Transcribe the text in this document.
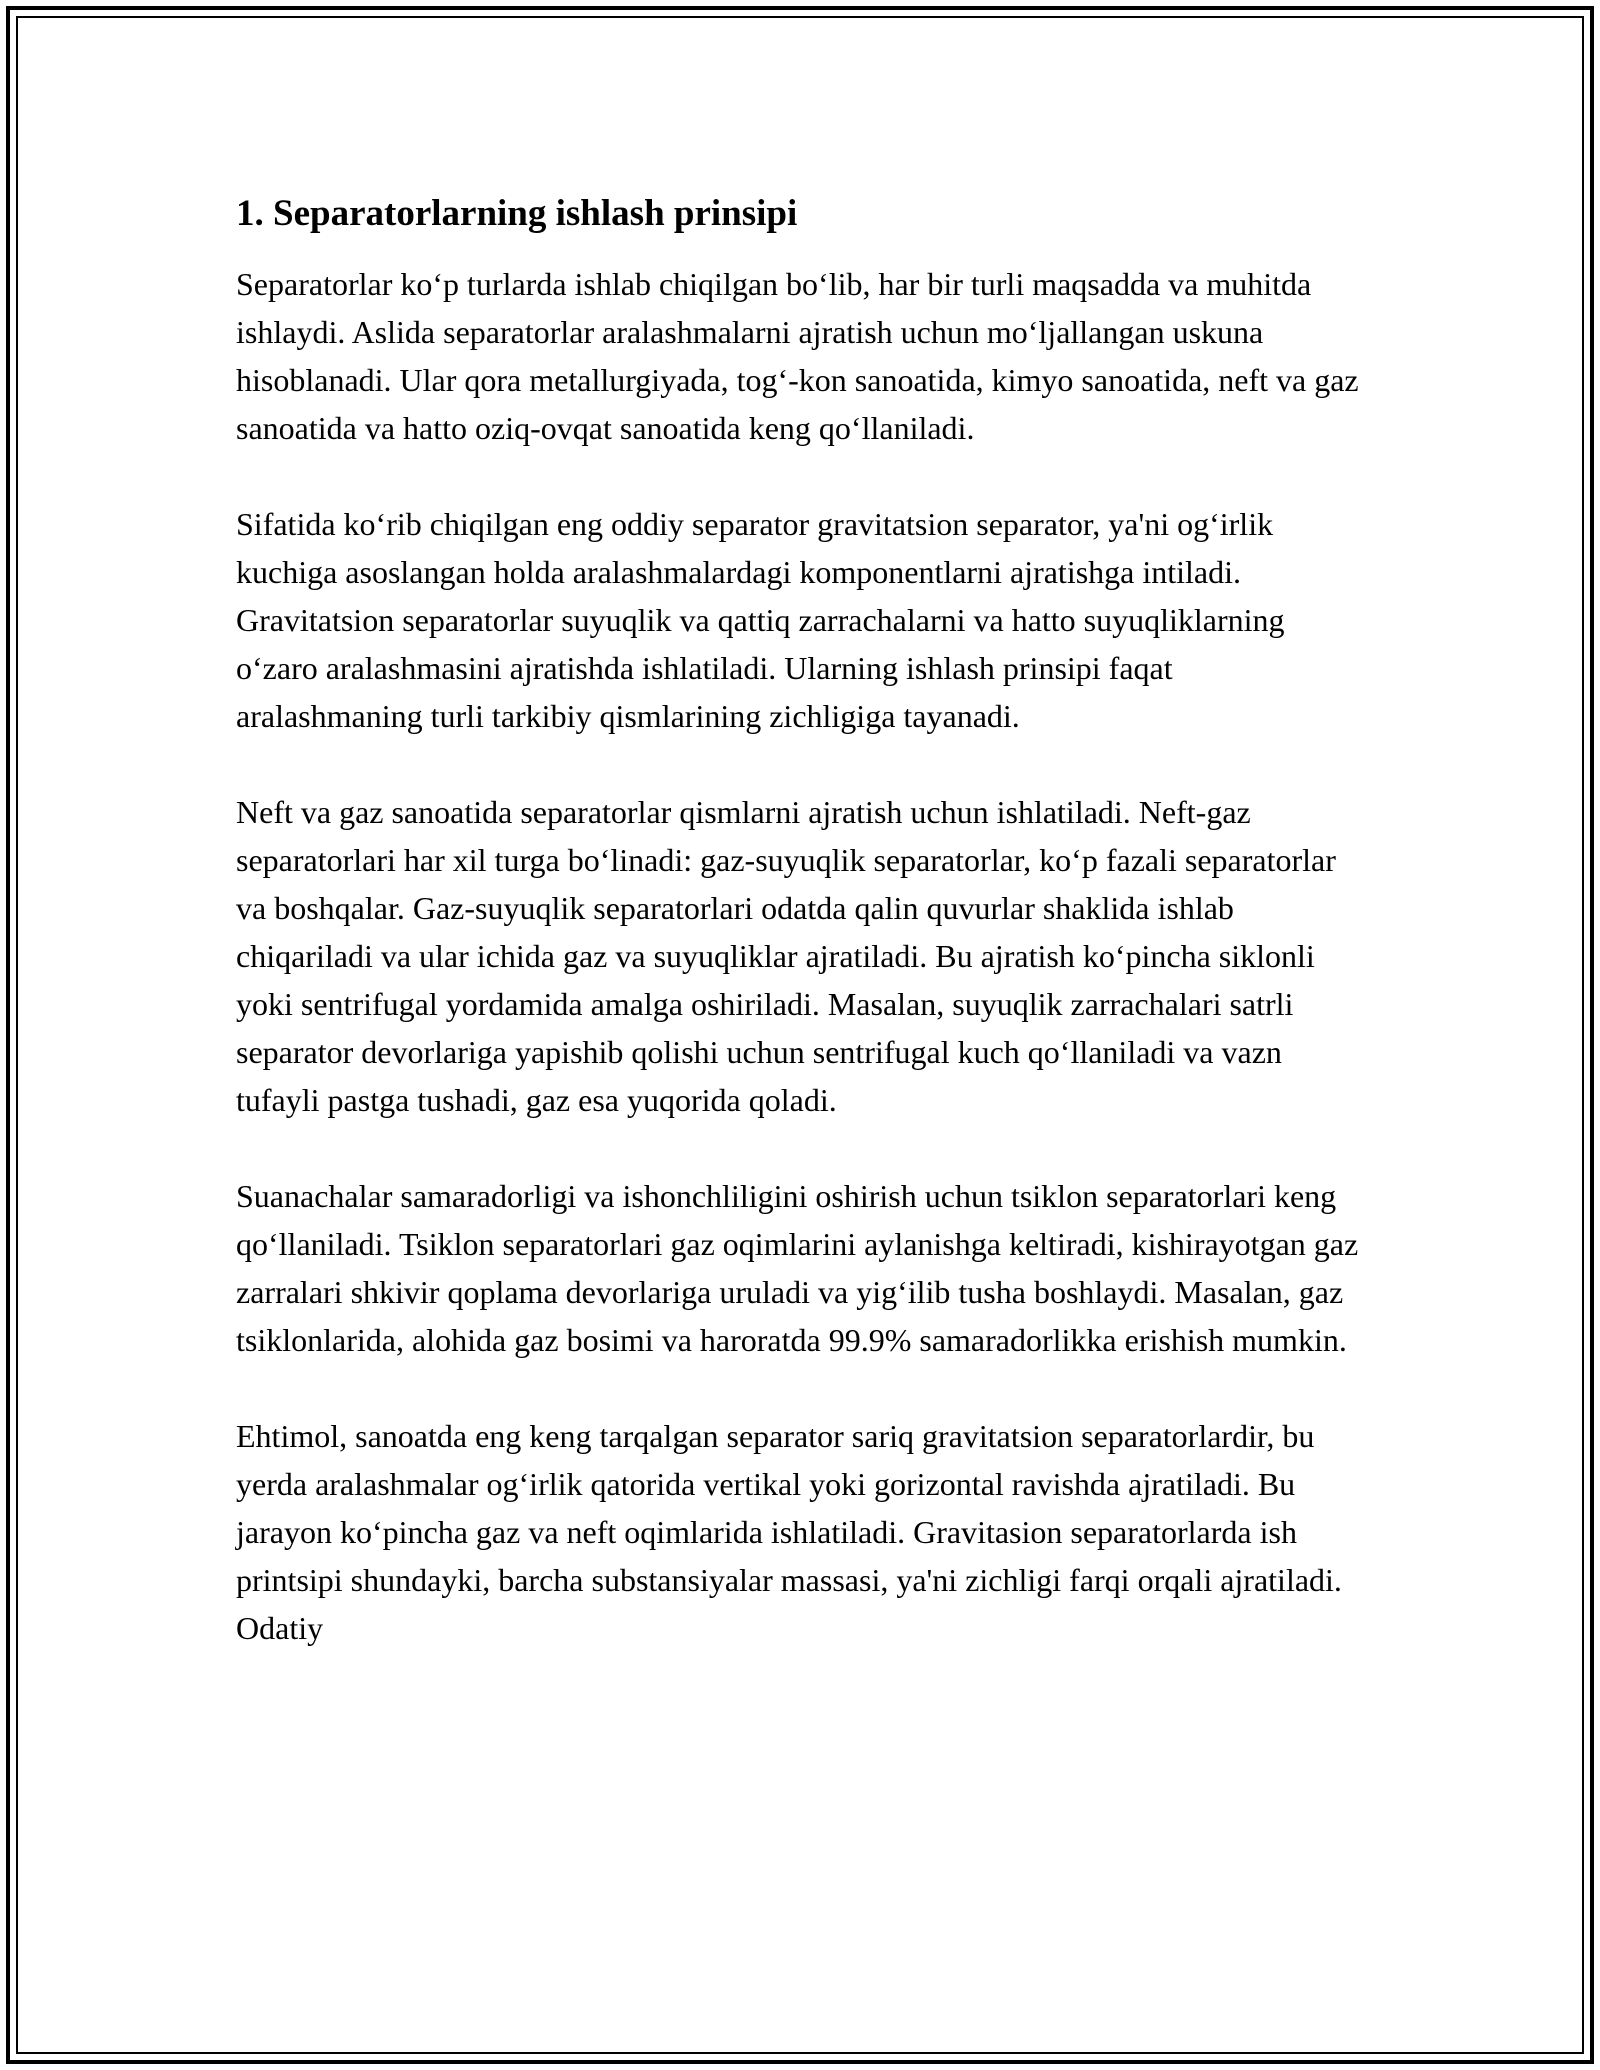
1. Separatorlarning ishlash prinsipi

Separatorlar ko‘p turlarda ishlab chiqilgan bo‘lib, har bir turli maqsadda va muhitda ishlaydi. Aslida separatorlar aralashmalarni ajratish uchun mo‘ljallangan uskuna hisoblanadi. Ular qora metallurgiyada, tog‘-kon sanoatida, kimyo sanoatida, neft va gaz sanoatida va hatto oziq-ovqat sanoatida keng qo‘llaniladi.

Sifatida ko‘rib chiqilgan eng oddiy separator gravitatsion separator, ya'ni og‘irlik kuchiga asoslangan holda aralashmalardagi komponentlarni ajratishga intiladi. Gravitatsion separatorlar suyuqlik va qattiq zarrachalarni va hatto suyuqliklarning o‘zaro aralashmasini ajratishda ishlatiladi. Ularning ishlash prinsipi faqat aralashmaning turli tarkibiy qismlarining zichligiga tayanadi.

Neft va gaz sanoatida separatorlar qismlarni ajratish uchun ishlatiladi. Neft-gaz separatorlari har xil turga bo‘linadi: gaz-suyuqlik separatorlar, ko‘p fazali separatorlar va boshqalar. Gaz-suyuqlik separatorlari odatda qalin quvurlar shaklida ishlab chiqariladi va ular ichida gaz va suyuqliklar ajratiladi. Bu ajratish ko‘pincha siklonli yoki sentrifugal yordamida amalga oshiriladi. Masalan, suyuqlik zarrachalari satrli separator devorlariga yapishib qolishi uchun sentrifugal kuch qo‘llaniladi va vazn tufayli pastga tushadi, gaz esa yuqorida qoladi.

Suanachalar samaradorligi va ishonchliligini oshirish uchun tsiklon separatorlari keng qo‘llaniladi. Tsiklon separatorlari gaz oqimlarini aylanishga keltiradi, kishirayotgan gaz zarralari shkivir qoplama devorlariga uruladi va yig‘ilib tusha boshlaydi. Masalan, gaz tsiklonlarida, alohida gaz bosimi va haroratda 99.9% samaradorlikka erishish mumkin.

Ehtimol, sanoatda eng keng tarqalgan separator sariq gravitatsion separatorlardir, bu yerda aralashmalar og‘irlik qatorida vertikal yoki gorizontal ravishda ajratiladi. Bu jarayon ko‘pincha gaz va neft oqimlarida ishlatiladi. Gravitasion separatorlarda ish printsipi shundayki, barcha substansiyalar massasi, ya'ni zichligi farqi orqali ajratiladi. Odatiy
